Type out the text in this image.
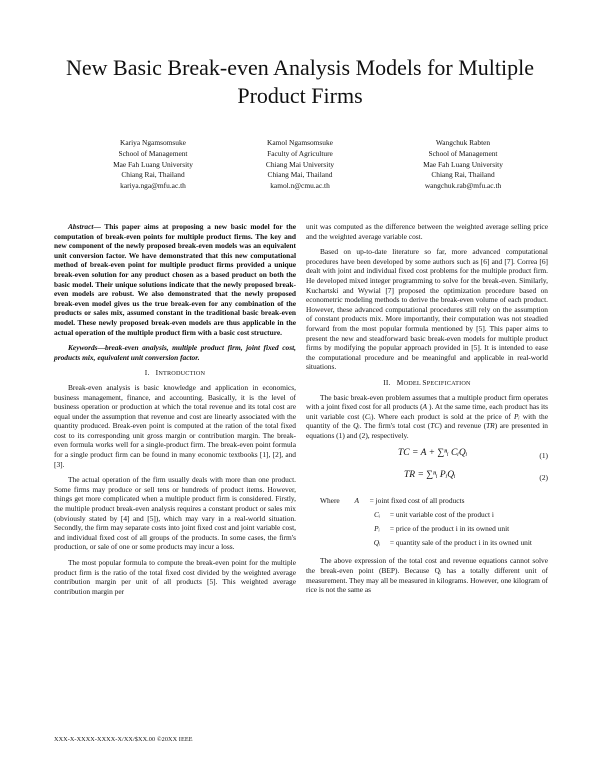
New Basic Break-even Analysis Models for Multiple
Product Firms
Kariya Ngamsomsuke
School of Management
Mae Fah Luang University
Chiang Rai, Thailand
kariya.nga@mfu.ac.th
Kamol Ngamsomsuke
Faculty of Agriculture
Chiang Mai University
Chiang Mai, Thailand
kamol.n@cmu.ac.th
Wangchuk Rabten
School of Management
Mae Fah Luang University
Chiang Rai, Thailand
wangchuk.rab@mfu.ac.th

Abstract— This paper aims at proposing a new basic model for the computation of break-even points for multiple product firms. The key and new component of the newly proposed break-even models was an equivalent unit conversion factor. We have demonstrated that this new computational method of break-even point for multiple product firms provided a unique break-even solution for any product chosen as a based product on both the basic model. Their unique solutions indicate that the newly proposed break-even models are robust. We also demonstrated that the newly proposed break-even model gives us the true break-even for any combination of the products or sales mix, assumed constant in the traditional basic break-even model. These newly proposed break-even models are thus applicable in the actual operation of the multiple product firm with a basic cost structure.

Keywords—break-even analysis, multiple product firm, joint fixed cost, products mix, equivalent unit conversion factor.

I. INTRODUCTION

Break-even analysis is basic knowledge and application in economics, business management, finance, and accounting. Basically, it is the level of business operation or production at which the total revenue and its total cost are equal under the assumption that revenue and cost are linearly associated with the quantity produced. Break-even point is computed at the ration of the total fixed cost to its corresponding unit gross margin or contribution margin. The break-even formula works well for a single-product firm. The break-even point formula for a single product firm can be found in many economic textbooks [1], [2], and [3].

The actual operation of the firm usually deals with more than one product. Some firms may produce or sell tens or hundreds of product items. However, things get more complicated when a multiple product firm is considered. Firstly, the multiple product break-even analysis requires a constant product or sales mix (obviously stated by [4] and [5]), which may vary in a real-world situation. Secondly, the firm may separate costs into joint fixed cost and joint variable cost, and individual fixed cost of all groups of the products. In some cases, the firm's production, or sale of one or some products may incur a loss.

The most popular formula to compute the break-even point for the multiple product firm is the ratio of the total fixed cost divided by the weighted average contribution margin per unit of all products [5]. This weighted average contribution margin per

unit was computed as the difference between the weighted average selling price and the weighted average variable cost.

Based on up-to-date literature so far, more advanced computational procedures have been developed by some authors such as [6] and [7]. Correa [6] dealt with joint and individual fixed cost problems for the multiple product firm. He developed mixed integer programming to solve for the break-even. Similarly, Kuchartski and Wywial [7] proposed the optimization procedure based on econometric modeling methods to derive the break-even volume of each product. However, these advanced computational procedures still rely on the assumption of constant products mix. More importantly, their computation was not steadied forward from the most popular formula mentioned by [5]. This paper aims to present the new and steadforward basic break-even models for multiple product firms by modifying the popular approach provided in [5]. It is intended to ease the computational procedure and be meaningful and applicable in real-world situations.

II. MODEL SPECIFICATION

The basic break-even problem assumes that a multiple product firm operates with a joint fixed cost for all products (A ). At the same time, each product has its unit variable cost (Cᵢ). Where each product is sold at the price of Pᵢ with the quantity of the Qᵢ. The firm's total cost (TC) and revenue (TR) are presented in equations (1) and (2), respectively.

TC = A + ∑ⁿᵢ CᵢQᵢ	(1)
TR = ∑ⁿᵢ PᵢQᵢ	(2)
Where A = joint fixed cost of all products
Cᵢ = unit variable cost of the product i
Pᵢ = price of the product i in its owned unit
Qᵢ = quantity sale of the product i in its owned unit

The above expression of the total cost and revenue equations cannot solve the break-even point (BEP). Because Qᵢ has a totally different unit of measurement. They may all be measured in kilograms. However, one kilogram of rice is not the same as

XXX-X-XXXX-XXXX-X/XX/$XX.00 ©20XX IEEE
